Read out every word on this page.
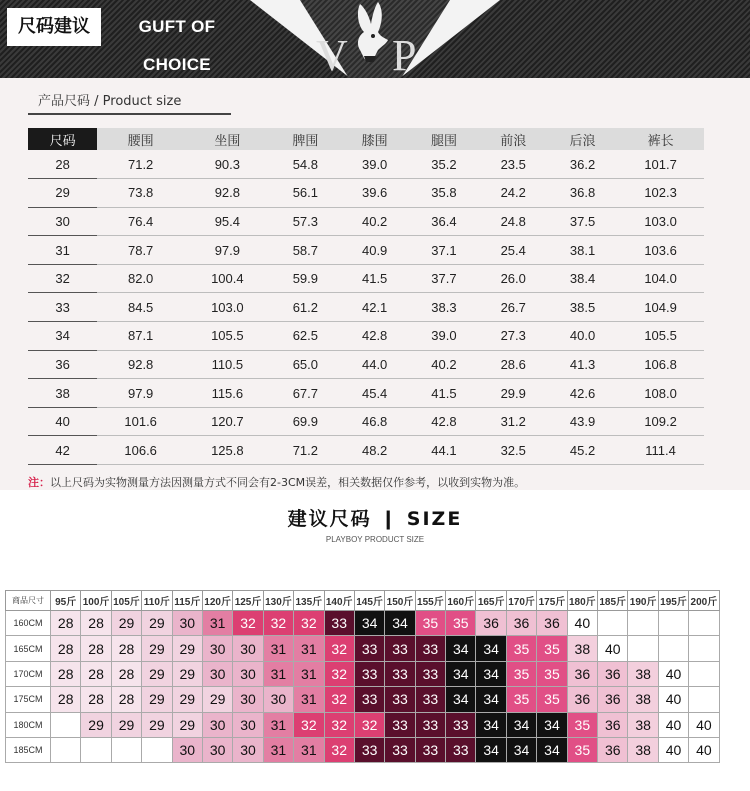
尺码建议	GUFT OF CHOICE	V P
产品尺码 / Product size
尺码	腰围	坐围	脾围	膝围	腿围	前浪	后浪	裤长
28	71.2	90.3	54.8	39.0	35.2	23.5	36.2	101.7
29	73.8	92.8	56.1	39.6	35.8	24.2	36.8	102.3
30	76.4	95.4	57.3	40.2	36.4	24.8	37.5	103.0
31	78.7	97.9	58.7	40.9	37.1	25.4	38.1	103.6
32	82.0	100.4	59.9	41.5	37.7	26.0	38.4	104.0
33	84.5	103.0	61.2	42.1	38.3	26.7	38.5	104.9
34	87.1	105.5	62.5	42.8	39.0	27.3	40.0	105.5
36	92.8	110.5	65.0	44.0	40.2	28.6	41.3	106.8
38	97.9	115.6	67.7	45.4	41.5	29.9	42.6	108.0
40	101.6	120.7	69.9	46.8	42.8	31.2	43.9	109.2
42	106.6	125.8	71.2	48.2	44.1	32.5	45.2	111.4
注：以上尺码为实物测量方法因测量方式不同会有2-3CM误差，相关数据仅作参考，以收到实物为准。
建议尺码 ❙ SIZE
PLAYBOY PRODUCT SIZE
商品尺寸	95斤	100斤	105斤	110斤	115斤	120斤	125斤	130斤	135斤	140斤	145斤	150斤	155斤	160斤	165斤	170斤	175斤	180斤	185斤	190斤	195斤	200斤
160CM	28	28	29	29	30	31	32	32	32	33	34	34	35	35	36	36	36	40				
165CM	28	28	28	29	29	30	30	31	31	32	33	33	33	34	34	35	35	38	40			
170CM	28	28	28	29	29	30	30	31	31	32	33	33	33	34	34	35	35	36	36	38	40	
175CM	28	28	28	29	29	29	30	30	31	32	33	33	33	34	34	35	35	36	36	38	40	
180CM		29	29	29	29	30	30	31	32	32	32	33	33	33	34	34	34	35	36	38	40	40
185CM					30	30	30	31	31	32	33	33	33	33	34	34	34	35	36	38	40	40
